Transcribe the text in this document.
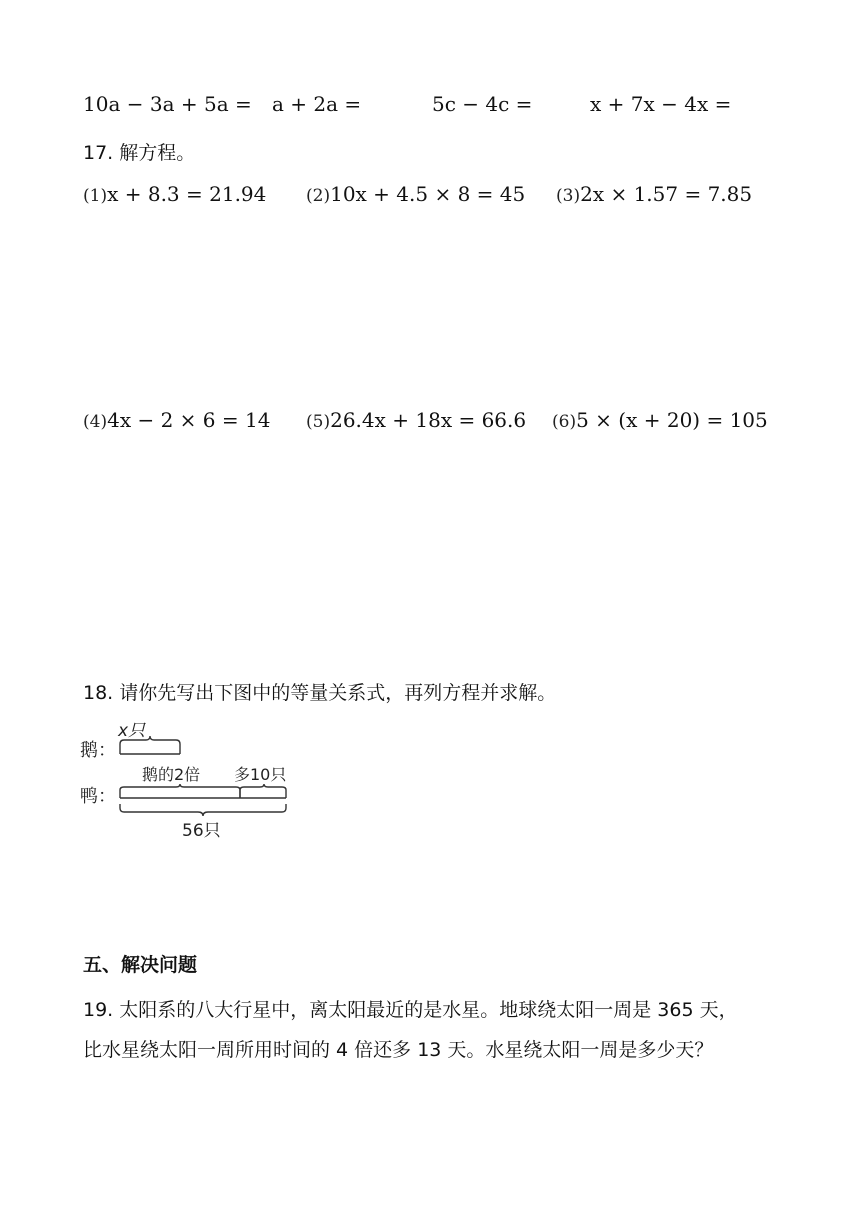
10a − 3a + 5a = a + 2a =	5c − 4c =	x + 7x − 4x =
17. 解方程。
(1)x + 8.3 = 21.94 (2)10x + 4.5 × 8 = 45 (3)2x × 1.57 = 7.85
(4)4x − 2 × 6 = 14 (5)26.4x + 18x = 66.6 (6)5 × (x + 20) = 105
18. 请你先写出下图中的等量关系式，再列方程并求解。
x只
鹅：
鹅的2倍 多10只
鸭：
56只
五、解决问题
19. 太阳系的八大行星中，离太阳最近的是水星。地球绕太阳一周是 365 天，
比水星绕太阳一周所用时间的 4 倍还多 13 天。水星绕太阳一周是多少天？
